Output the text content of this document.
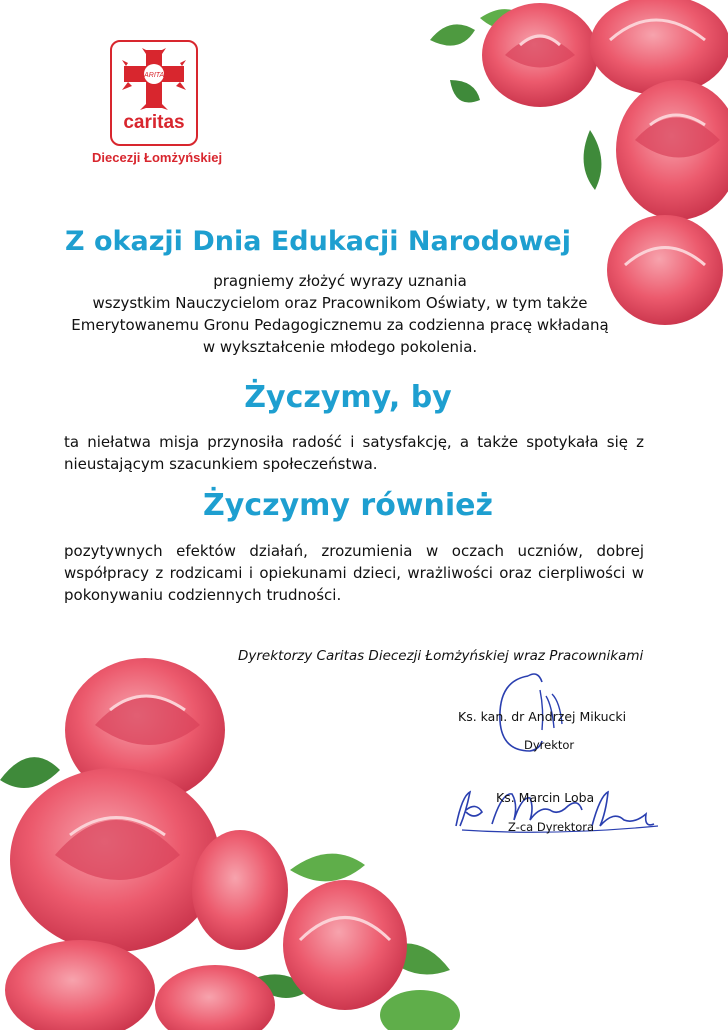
CARITAS
caritas
Diecezji Łomżyńskiej
Z okazji Dnia Edukacji Narodowej
pragniemy złożyć wyrazy uznania
wszystkim Nauczycielom oraz Pracownikom Oświaty, w tym także
Emerytowanemu Gronu Pedagogicznemu za codzienna pracę wkładaną
w wykształcenie młodego pokolenia.
Życzymy, by
ta niełatwa misja przynosiła radość i satysfakcję, a także spotykała się z nieustającym szacunkiem społeczeństwa.
Życzymy również
pozytywnych efektów działań, zrozumienia w oczach uczniów, dobrej współpracy z rodzicami i opiekunami dzieci, wrażliwości oraz cierpliwości w pokonywaniu codziennych trudności.
Dyrektorzy Caritas Diecezji Łomżyńskiej wraz Pracownikami
Ks. kan. dr Andrzej Mikucki
Dyrektor
Ks. Marcin Loba
Z-ca Dyrektora
